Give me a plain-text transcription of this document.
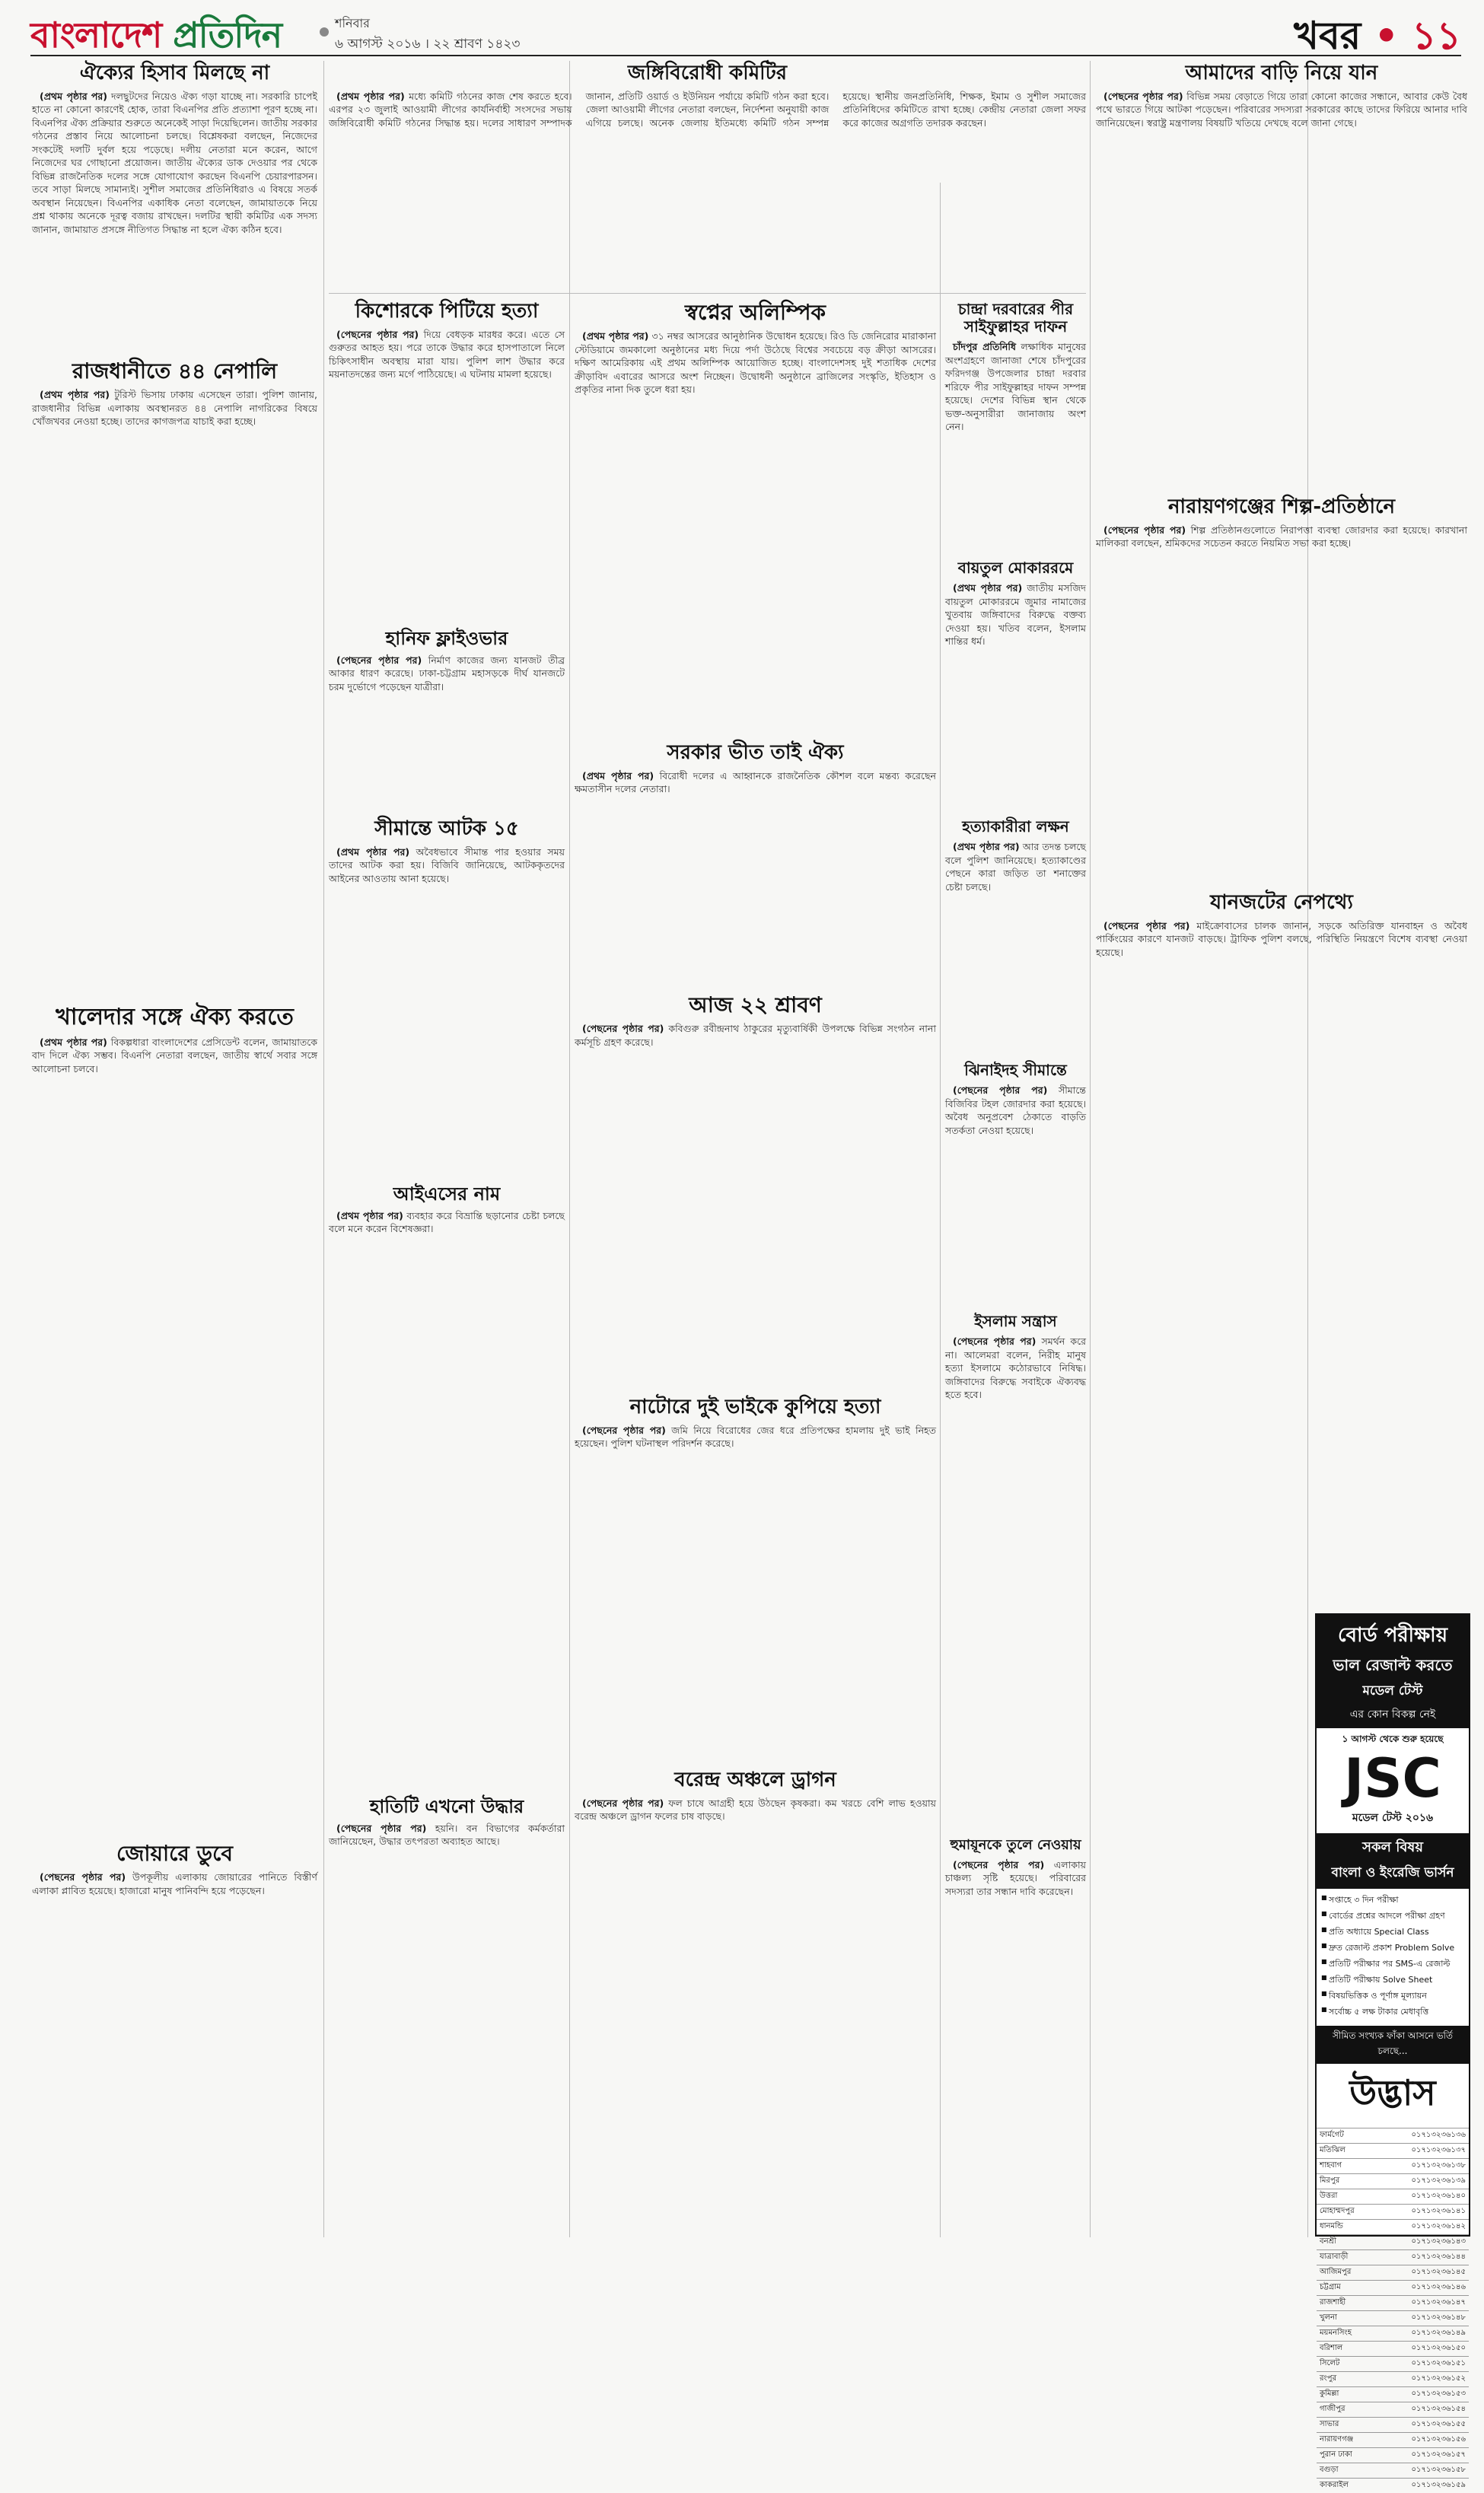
বাংলাদেশ প্রতিদিন	শনিবার
৬ আগস্ট ২০১৬ । ২২ শ্রাবণ ১৪২৩	খবর • ১১
ঐক্যের হিসাব মিলছে না

(প্রথম পৃষ্ঠার পর) দলছুটদের নিয়েও ঐক্য গড়া যাচ্ছে না। সরকারি চাপেই হাতে না কোনো কারণেই হোক, তারা বিএনপির প্রতি প্রত্যাশা পূরণ হচ্ছে না। বিএনপির ঐক্য প্রক্রিয়ার শুরুতে অনেকেই সাড়া দিয়েছিলেন। জাতীয় সরকার গঠনের প্রস্তাব নিয়ে আলোচনা চলছে। বিশ্লেষকরা বলছেন, নিজেদের সংকটেই দলটি দুর্বল হয়ে পড়েছে। দলীয় নেতারা মনে করেন, আগে নিজেদের ঘর গোছানো প্রয়োজন। জাতীয় ঐক্যের ডাক দেওয়ার পর থেকে বিভিন্ন রাজনৈতিক দলের সঙ্গে যোগাযোগ করছেন বিএনপি চেয়ারপারসন। তবে সাড়া মিলছে সামান্যই। সুশীল সমাজের প্রতিনিধিরাও এ বিষয়ে সতর্ক অবস্থান নিয়েছেন। বিএনপির একাধিক নেতা বলেছেন, জামায়াতকে নিয়ে প্রশ্ন থাকায় অনেকে দূরত্ব বজায় রাখছেন। দলটির স্থায়ী কমিটির এক সদস্য জানান, জামায়াত প্রসঙ্গে নীতিগত সিদ্ধান্ত না হলে ঐক্য কঠিন হবে।

রাজধানীতে ৪৪ নেপালি

(প্রথম পৃষ্ঠার পর) টুরিস্ট ভিসায় ঢাকায় এসেছেন তারা। পুলিশ জানায়, রাজধানীর বিভিন্ন এলাকায় অবস্থানরত ৪৪ নেপালি নাগরিকের বিষয়ে খোঁজখবর নেওয়া হচ্ছে। তাদের কাগজপত্র যাচাই করা হচ্ছে।

খালেদার সঙ্গে ঐক্য করতে

(প্রথম পৃষ্ঠার পর) বিকল্পধারা বাংলাদেশের প্রেসিডেন্ট বলেন, জামায়াতকে বাদ দিলে ঐক্য সম্ভব। বিএনপি নেতারা বলছেন, জাতীয় স্বার্থে সবার সঙ্গে আলোচনা চলবে।

জোয়ারে ডুবে

(পেছনের পৃষ্ঠার পর) উপকূলীয় এলাকায় জোয়ারের পানিতে বিস্তীর্ণ এলাকা প্লাবিত হয়েছে। হাজারো মানুষ পানিবন্দি হয়ে পড়েছেন।

জঙ্গিবিরোধী কমিটির

(প্রথম পৃষ্ঠার পর) মধ্যে কমিটি গঠনের কাজ শেষ করতে হবে। এরপর ২৩ জুলাই আওয়ামী লীগের কার্যনির্বাহী সংসদের সভায় জঙ্গিবিরোধী কমিটি গঠনের সিদ্ধান্ত হয়। দলের সাধারণ সম্পাদক জানান, প্রতিটি ওয়ার্ড ও ইউনিয়ন পর্যায়ে কমিটি গঠন করা হবে। জেলা আওয়ামী লীগের নেতারা বলছেন, নির্দেশনা অনুযায়ী কাজ এগিয়ে চলছে। অনেক জেলায় ইতিমধ্যে কমিটি গঠন সম্পন্ন হয়েছে। স্থানীয় জনপ্রতিনিধি, শিক্ষক, ইমাম ও সুশীল সমাজের প্রতিনিধিদের কমিটিতে রাখা হচ্ছে। কেন্দ্রীয় নেতারা জেলা সফর করে কাজের অগ্রগতি তদারক করছেন।

কিশোরকে পিটিয়ে হত্যা

(পেছনের পৃষ্ঠার পর) দিয়ে বেধড়ক মারধর করে। এতে সে গুরুতর আহত হয়। পরে তাকে উদ্ধার করে হাসপাতালে নিলে চিকিৎসাধীন অবস্থায় মারা যায়। পুলিশ লাশ উদ্ধার করে ময়নাতদন্তের জন্য মর্গে পাঠিয়েছে। এ ঘটনায় মামলা হয়েছে।

হানিফ ফ্লাইওভার

(পেছনের পৃষ্ঠার পর) নির্মাণ কাজের জন্য যানজট তীব্র আকার ধারণ করেছে। ঢাকা-চট্টগ্রাম মহাসড়কে দীর্ঘ যানজটে চরম দুর্ভোগে পড়েছেন যাত্রীরা।

সীমান্তে আটক ১৫

(প্রথম পৃষ্ঠার পর) অবৈধভাবে সীমান্ত পার হওয়ার সময় তাদের আটক করা হয়। বিজিবি জানিয়েছে, আটককৃতদের আইনের আওতায় আনা হয়েছে।

আইএসের নাম

(প্রথম পৃষ্ঠার পর) ব্যবহার করে বিভ্রান্তি ছড়ানোর চেষ্টা চলছে বলে মনে করেন বিশেষজ্ঞরা।

হাতিটি এখনো উদ্ধার

(পেছনের পৃষ্ঠার পর) হয়নি। বন বিভাগের কর্মকর্তারা জানিয়েছেন, উদ্ধার তৎপরতা অব্যাহত আছে।

স্বপ্নের অলিম্পিক

(প্রথম পৃষ্ঠার পর) ৩১ নম্বর আসরের আনুষ্ঠানিক উদ্বোধন হয়েছে। রিও ডি জেনিরোর মারাকানা স্টেডিয়ামে জমকালো অনুষ্ঠানের মধ্য দিয়ে পর্দা উঠেছে বিশ্বের সবচেয়ে বড় ক্রীড়া আসরের। দক্ষিণ আমেরিকায় এই প্রথম অলিম্পিক আয়োজিত হচ্ছে। বাংলাদেশসহ দুই শতাধিক দেশের ক্রীড়াবিদ এবারের আসরে অংশ নিচ্ছেন। উদ্বোধনী অনুষ্ঠানে ব্রাজিলের সংস্কৃতি, ইতিহাস ও প্রকৃতির নানা দিক তুলে ধরা হয়।

সরকার ভীত তাই ঐক্য

(প্রথম পৃষ্ঠার পর) বিরোধী দলের এ আহ্বানকে রাজনৈতিক কৌশল বলে মন্তব্য করেছেন ক্ষমতাসীন দলের নেতারা।

আজ ২২ শ্রাবণ

(পেছনের পৃষ্ঠার পর) কবিগুরু রবীন্দ্রনাথ ঠাকুরের মৃত্যুবার্ষিকী উপলক্ষে বিভিন্ন সংগঠন নানা কর্মসূচি গ্রহণ করেছে।

নাটোরে দুই ভাইকে কুপিয়ে হত্যা

(পেছনের পৃষ্ঠার পর) জমি নিয়ে বিরোধের জের ধরে প্রতিপক্ষের হামলায় দুই ভাই নিহত হয়েছেন। পুলিশ ঘটনাস্থল পরিদর্শন করেছে।

বরেন্দ্র অঞ্চলে ড্রাগন

(পেছনের পৃষ্ঠার পর) ফল চাষে আগ্রহী হয়ে উঠছেন কৃষকরা। কম খরচে বেশি লাভ হওয়ায় বরেন্দ্র অঞ্চলে ড্রাগন ফলের চাষ বাড়ছে।

চান্দ্রা দরবারের পীর সাইফুল্লাহর দাফন

চাঁদপুর প্রতিনিধি লক্ষাধিক মানুষের অংশগ্রহণে জানাজা শেষে চাঁদপুরের ফরিদগঞ্জ উপজেলার চান্দ্রা দরবার শরিফে পীর সাইফুল্লাহর দাফন সম্পন্ন হয়েছে। দেশের বিভিন্ন স্থান থেকে ভক্ত-অনুসারীরা জানাজায় অংশ নেন।

বায়তুল মোকাররমে

(প্রথম পৃষ্ঠার পর) জাতীয় মসজিদ বায়তুল মোকাররমে জুমার নামাজের খুতবায় জঙ্গিবাদের বিরুদ্ধে বক্তব্য দেওয়া হয়। খতিব বলেন, ইসলাম শান্তির ধর্ম।

হত্যাকারীরা লক্ষন

(প্রথম পৃষ্ঠার পর) আর তদন্ত চলছে বলে পুলিশ জানিয়েছে। হত্যাকাণ্ডের পেছনে কারা জড়িত তা শনাক্তের চেষ্টা চলছে।

ঝিনাইদহ সীমান্তে

(পেছনের পৃষ্ঠার পর) সীমান্তে বিজিবির টহল জোরদার করা হয়েছে। অবৈধ অনুপ্রবেশ ঠেকাতে বাড়তি সতর্কতা নেওয়া হয়েছে।

ইসলাম সন্ত্রাস

(পেছনের পৃষ্ঠার পর) সমর্থন করে না। আলেমরা বলেন, নিরীহ মানুষ হত্যা ইসলামে কঠোরভাবে নিষিদ্ধ। জঙ্গিবাদের বিরুদ্ধে সবাইকে ঐক্যবদ্ধ হতে হবে।

হুমায়ূনকে তুলে নেওয়ায়

(পেছনের পৃষ্ঠার পর) এলাকায় চাঞ্চল্য সৃষ্টি হয়েছে। পরিবারের সদস্যরা তার সন্ধান দাবি করেছেন।

আমাদের বাড়ি নিয়ে যান

(পেছনের পৃষ্ঠার পর) বিভিন্ন সময় বেড়াতে গিয়ে তারা কোনো কাজের সন্ধানে, আবার কেউ বৈধ পথে ভারতে গিয়ে আটকা পড়েছেন। পরিবারের সদস্যরা সরকারের কাছে তাদের ফিরিয়ে আনার দাবি জানিয়েছেন। স্বরাষ্ট্র মন্ত্রণালয় বিষয়টি খতিয়ে দেখছে বলে জানা গেছে।

নারায়ণগঞ্জের শিল্প-প্রতিষ্ঠানে

(পেছনের পৃষ্ঠার পর) শিল্প প্রতিষ্ঠানগুলোতে নিরাপত্তা ব্যবস্থা জোরদার করা হয়েছে। কারখানা মালিকরা বলছেন, শ্রমিকদের সচেতন করতে নিয়মিত সভা করা হচ্ছে।

যানজটের নেপথ্যে

(পেছনের পৃষ্ঠার পর) মাইক্রোবাসের চালক জানান, সড়কে অতিরিক্ত যানবাহন ও অবৈধ পার্কিংয়ের কারণে যানজট বাড়ছে। ট্রাফিক পুলিশ বলছে, পরিস্থিতি নিয়ন্ত্রণে বিশেষ ব্যবস্থা নেওয়া হয়েছে।

বোর্ড পরীক্ষায়
ভাল রেজাল্ট করতে
মডেল টেস্ট
এর কোন বিকল্প নেই
১ আগস্ট থেকে শুরু হয়েছে
JSC
মডেল টেস্ট ২০১৬
সকল বিষয়
বাংলা ও ইংরেজি ভার্সন
■ সপ্তাহে ৩ দিন পরীক্ষা
■ বোর্ডের প্রশ্নের আদলে পরীক্ষা গ্রহণ
■ প্রতি অধ্যায়ে Special Class
■ দ্রুত রেজাল্ট প্রকাশ Problem Solve
■ প্রতিটি পরীক্ষার পর SMS-এ রেজাল্ট
■ প্রতিটি পরীক্ষায় Solve Sheet
■ বিষয়ভিত্তিক ও পূর্ণাঙ্গ মূল্যায়ন
■ সর্বোচ্চ ৫ লক্ষ টাকার মেধাবৃত্তি
সীমিত সংখ্যক ফাঁকা আসনে ভর্তি চলছে...
উদ্ভাস
ফার্মগেট	০১৭১৩২৩৬১৩৬
মতিঝিল	০১৭১৩২৩৬১৩৭
শাহবাগ	০১৭১৩২৩৬১৩৮
মিরপুর	০১৭১৩২৩৬১৩৯
উত্তরা	০১৭১৩২৩৬১৪০
মোহাম্মদপুর	০১৭১৩২৩৬১৪১
ধানমন্ডি	০১৭১৩২৩৬১৪২
বনশ্রী	০১৭১৩২৩৬১৪৩
যাত্রাবাড়ী	০১৭১৩২৩৬১৪৪
আজিমপুর	০১৭১৩২৩৬১৪৫
চট্টগ্রাম	০১৭১৩২৩৬১৪৬
রাজশাহী	০১৭১৩২৩৬১৪৭
খুলনা	০১৭১৩২৩৬১৪৮
ময়মনসিংহ	০১৭১৩২৩৬১৪৯
বরিশাল	০১৭১৩২৩৬১৫০
সিলেট	০১৭১৩২৩৬১৫১
রংপুর	০১৭১৩২৩৬১৫২
কুমিল্লা	০১৭১৩২৩৬১৫৩
গাজীপুর	০১৭১৩২৩৬১৫৪
সাভার	০১৭১৩২৩৬১৫৫
নারায়ণগঞ্জ	০১৭১৩২৩৬১৫৬
পুরান ঢাকা	০১৭১৩২৩৬১৫৭
বগুড়া	০১৭১৩২৩৬১৫৮
কাকরাইল	০১৭১৩২৩৬১৫৯
